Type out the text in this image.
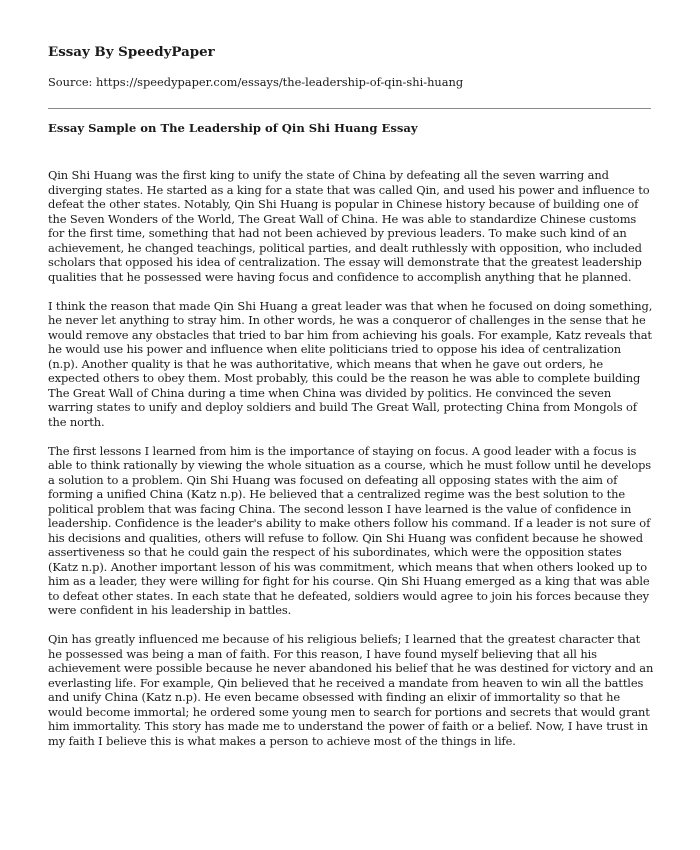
Essay By SpeedyPaper

Source: https://speedypaper.com/essays/the-leadership-of-qin-shi-huang

Essay Sample on The Leadership of Qin Shi Huang Essay

Qin Shi Huang was the first king to unify the state of China by defeating all the seven warring and diverging states. He started as a king for a state that was called Qin, and used his power and influence to defeat the other states. Notably, Qin Shi Huang is popular in Chinese history because of building one of the Seven Wonders of the World, The Great Wall of China. He was able to standardize Chinese customs for the first time, something that had not been achieved by previous leaders. To make such kind of an achievement, he changed teachings, political parties, and dealt ruthlessly with opposition, who included scholars that opposed his idea of centralization. The essay will demonstrate that the greatest leadership qualities that he possessed were having focus and confidence to accomplish anything that he planned.

I think the reason that made Qin Shi Huang a great leader was that when he focused on doing something, he never let anything to stray him. In other words, he was a conqueror of challenges in the sense that he would remove any obstacles that tried to bar him from achieving his goals. For example, Katz reveals that he would use his power and influence when elite politicians tried to oppose his idea of centralization (n.p). Another quality is that he was authoritative, which means that when he gave out orders, he expected others to obey them. Most probably, this could be the reason he was able to complete building The Great Wall of China during a time when China was divided by politics. He convinced the seven warring states to unify and deploy soldiers and build The Great Wall, protecting China from Mongols of the north.

The first lessons I learned from him is the importance of staying on focus. A good leader with a focus is able to think rationally by viewing the whole situation as a course, which he must follow until he develops a solution to a problem. Qin Shi Huang was focused on defeating all opposing states with the aim of forming a unified China (Katz n.p). He believed that a centralized regime was the best solution to the political problem that was facing China. The second lesson I have learned is the value of confidence in leadership. Confidence is the leader's ability to make others follow his command. If a leader is not sure of his decisions and qualities, others will refuse to follow. Qin Shi Huang was confident because he showed assertiveness so that he could gain the respect of his subordinates, which were the opposition states (Katz n.p). Another important lesson of his was commitment, which means that when others looked up to him as a leader, they were willing for fight for his course. Qin Shi Huang emerged as a king that was able to defeat other states. In each state that he defeated, soldiers would agree to join his forces because they were confident in his leadership in battles.

Qin has greatly influenced me because of his religious beliefs; I learned that the greatest character that he possessed was being a man of faith. For this reason, I have found myself believing that all his achievement were possible because he never abandoned his belief that he was destined for victory and an everlasting life. For example, Qin believed that he received a mandate from heaven to win all the battles and unify China (Katz n.p). He even became obsessed with finding an elixir of immortality so that he would become immortal; he ordered some young men to search for portions and secrets that would grant him immortality. This story has made me to understand the power of faith or a belief. Now, I have trust in my faith I believe this is what makes a person to achieve most of the things in life.
